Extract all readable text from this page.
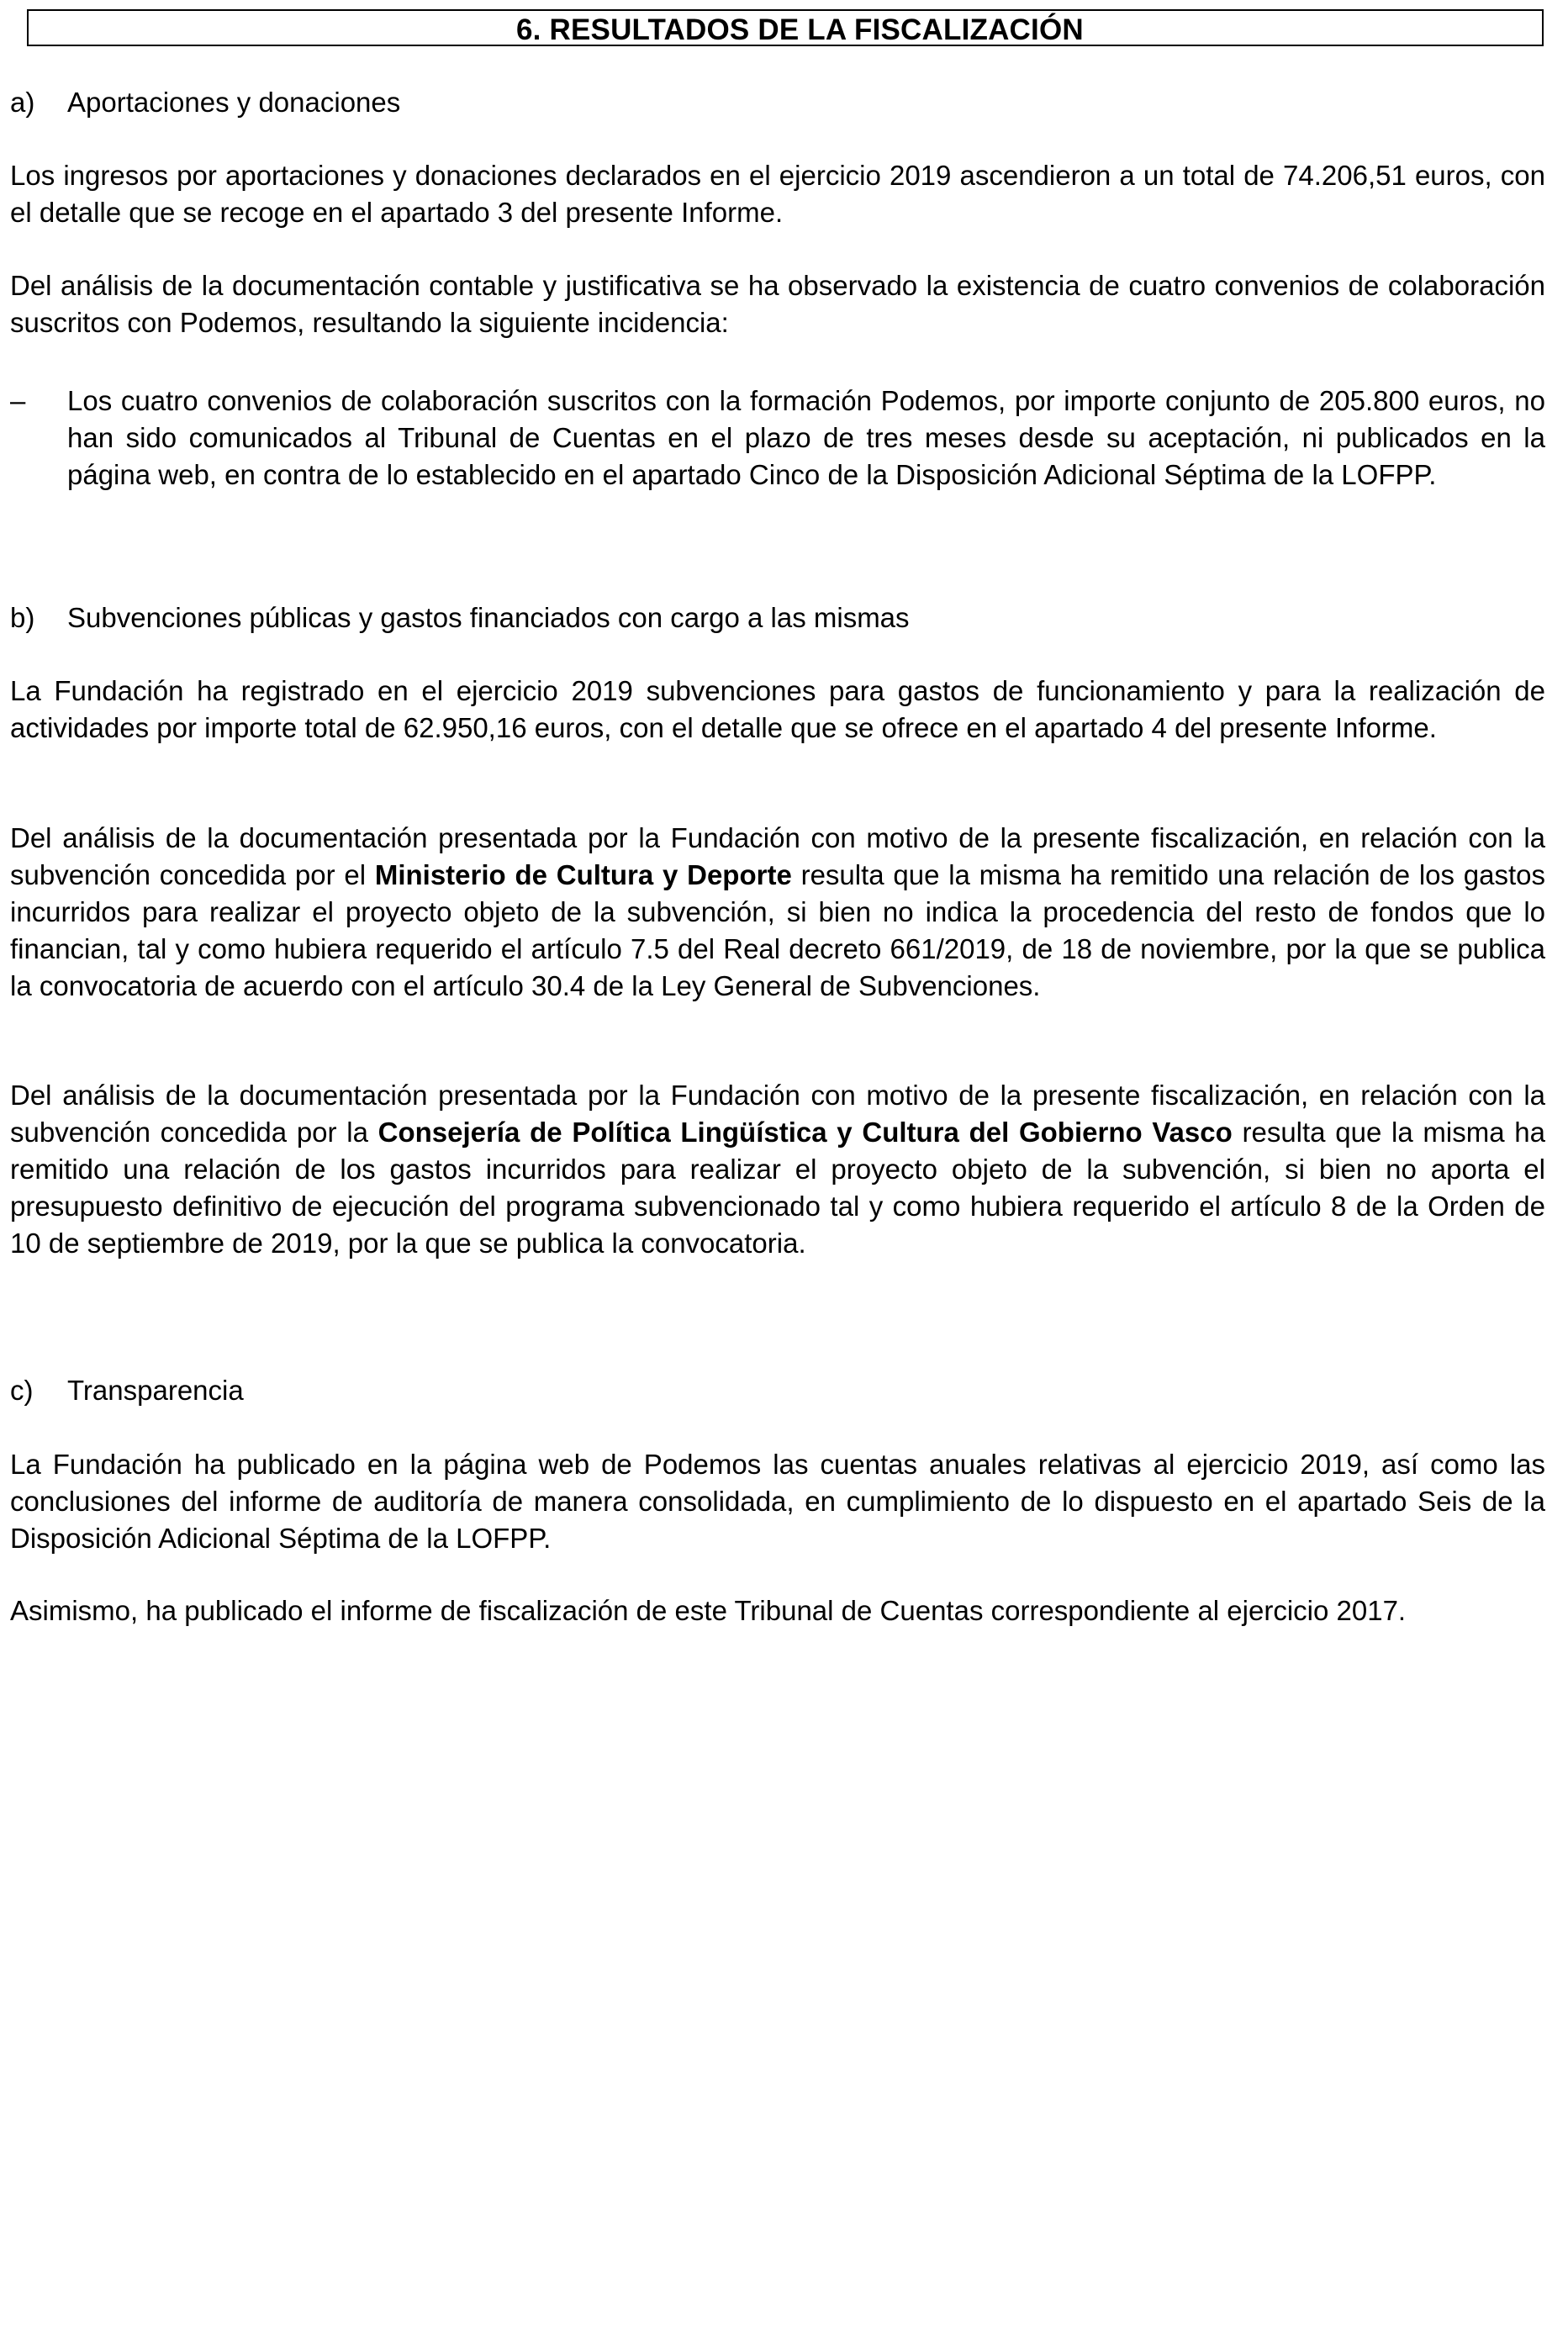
6. RESULTADOS DE LA FISCALIZACIÓN
a) Aportaciones y donaciones
Los ingresos por aportaciones y donaciones declarados en el ejercicio 2019 ascendieron a un total de 74.206,51 euros, con el detalle que se recoge en el apartado 3 del presente Informe.
Del análisis de la documentación contable y justificativa se ha observado la existencia de cuatro convenios de colaboración suscritos con Podemos, resultando la siguiente incidencia:
– Los cuatro convenios de colaboración suscritos con la formación Podemos, por importe conjunto de 205.800 euros, no han sido comunicados al Tribunal de Cuentas en el plazo de tres meses desde su aceptación, ni publicados en la página web, en contra de lo establecido en el apartado Cinco de la Disposición Adicional Séptima de la LOFPP.
b) Subvenciones públicas y gastos financiados con cargo a las mismas
La Fundación ha registrado en el ejercicio 2019 subvenciones para gastos de funcionamiento y para la realización de actividades por importe total de 62.950,16 euros, con el detalle que se ofrece en el apartado 4 del presente Informe.
Del análisis de la documentación presentada por la Fundación con motivo de la presente fiscalización, en relación con la subvención concedida por el Ministerio de Cultura y Deporte resulta que la misma ha remitido una relación de los gastos incurridos para realizar el proyecto objeto de la subvención, si bien no indica la procedencia del resto de fondos que lo financian, tal y como hubiera requerido el artículo 7.5 del Real decreto 661/2019, de 18 de noviembre, por la que se publica la convocatoria de acuerdo con el artículo 30.4 de la Ley General de Subvenciones.
Del análisis de la documentación presentada por la Fundación con motivo de la presente fiscalización, en relación con la subvención concedida por la Consejería de Política Lingüística y Cultura del Gobierno Vasco resulta que la misma ha remitido una relación de los gastos incurridos para realizar el proyecto objeto de la subvención, si bien no aporta el presupuesto definitivo de ejecución del programa subvencionado tal y como hubiera requerido el artículo 8 de la Orden de 10 de septiembre de 2019, por la que se publica la convocatoria.
c) Transparencia
La Fundación ha publicado en la página web de Podemos las cuentas anuales relativas al ejercicio 2019, así como las conclusiones del informe de auditoría de manera consolidada, en cumplimiento de lo dispuesto en el apartado Seis de la Disposición Adicional Séptima de la LOFPP.
Asimismo, ha publicado el informe de fiscalización de este Tribunal de Cuentas correspondiente al ejercicio 2017.
